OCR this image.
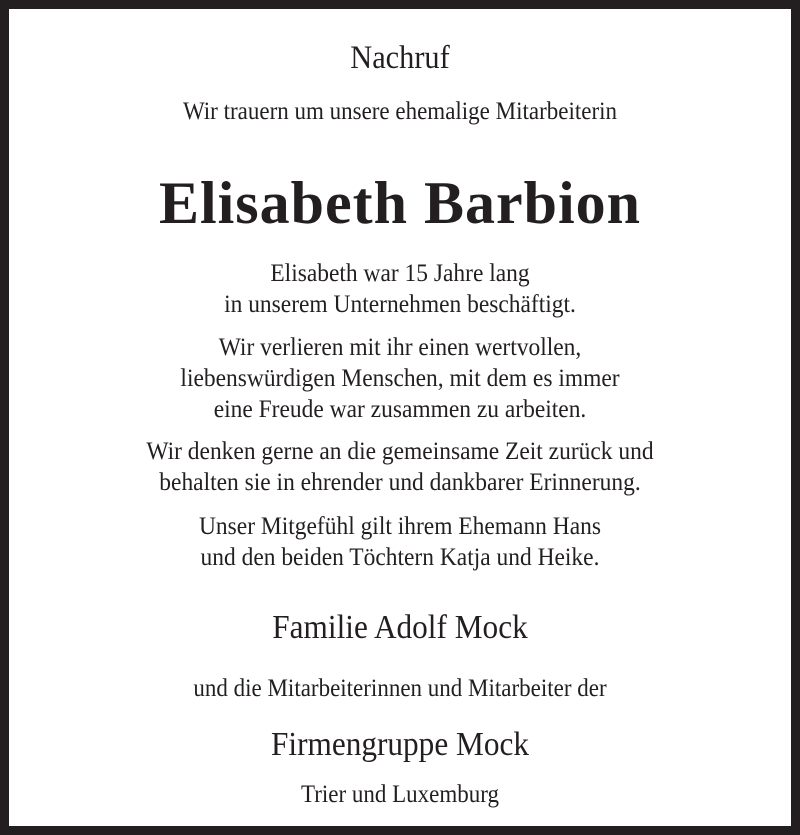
Nachruf
Wir trauern um unsere ehemalige Mitarbeiterin
Elisabeth Barbion
Elisabeth war 15 Jahre lang
in unserem Unternehmen beschäftigt.
Wir verlieren mit ihr einen wertvollen,
liebenswürdigen Menschen, mit dem es immer
eine Freude war zusammen zu arbeiten.
Wir denken gerne an die gemeinsame Zeit zurück und
behalten sie in ehrender und dankbarer Erinnerung.
Unser Mitgefühl gilt ihrem Ehemann Hans
und den beiden Töchtern Katja und Heike.
Familie Adolf Mock
und die Mitarbeiterinnen und Mitarbeiter der
Firmengruppe Mock
Trier und Luxemburg
